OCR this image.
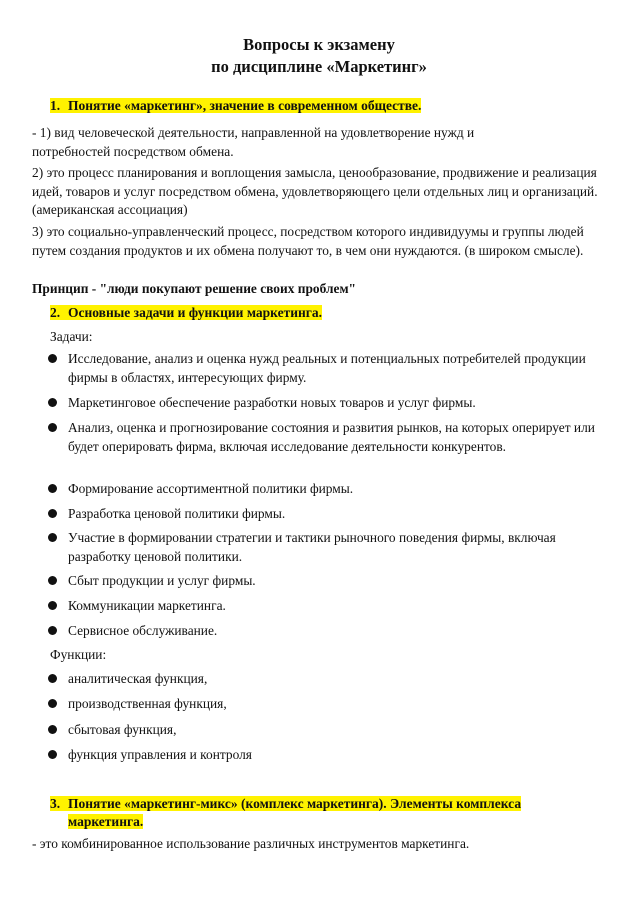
Вопросы к экзамену
по дисциплине «Маркетинг»
1. Понятие «маркетинг», значение в современном обществе.
- 1) вид человеческой деятельности, направленной на удовлетворение нужд и потребностей посредством обмена.
2) это процесс планирования и воплощения замысла, ценообразование, продвижение и реализация идей, товаров и услуг посредством обмена, удовлетворяющего цели отдельных лиц и организаций. (американская ассоциация)
3) это социально-управленческий процесс, посредством которого индивидуумы и группы людей путем создания продуктов и их обмена получают то, в чем они нуждаются. (в широком смысле).
Принцип - "люди покупают решение своих проблем"
2. Основные задачи и функции маркетинга.
Задачи:
Исследование, анализ и оценка нужд реальных и потенциальных потребителей продукции фирмы в областях, интересующих фирму.
Маркетинговое обеспечение разработки новых товаров и услуг фирмы.
Анализ, оценка и прогнозирование состояния и развития рынков, на которых оперирует или будет оперировать фирма, включая исследование деятельности конкурентов.
Формирование ассортиментной политики фирмы.
Разработка ценовой политики фирмы.
Участие в формировании стратегии и тактики рыночного поведения фирмы, включая разработку ценовой политики.
Сбыт продукции и услуг фирмы.
Коммуникации маркетинга.
Сервисное обслуживание.
Функции:
аналитическая функция,
производственная функция,
сбытовая функция,
функция управления и контроля
3. Понятие «маркетинг-микс» (комплекс маркетинга). Элементы комплекса
маркетинга.
- это комбинированное использование различных инструментов маркетинга.
